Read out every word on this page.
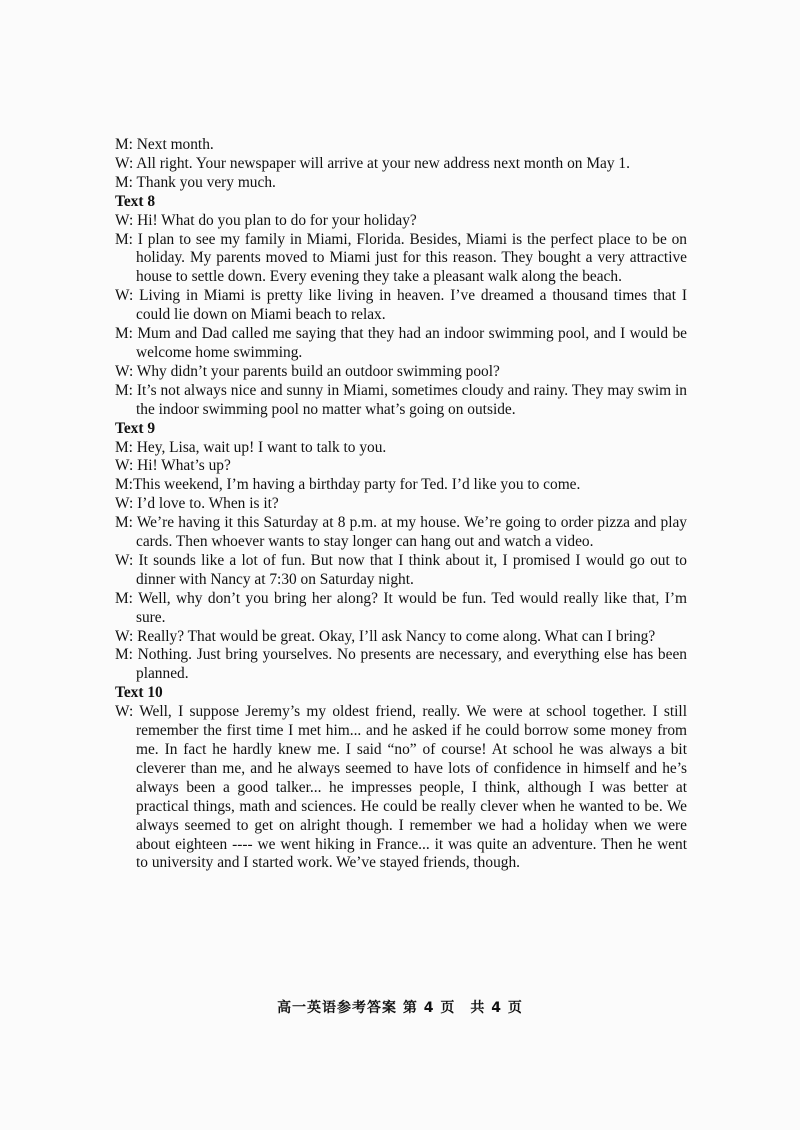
M: Next month.
W: All right. Your newspaper will arrive at your new address next month on May 1.
M: Thank you very much.
Text 8
W: Hi! What do you plan to do for your holiday?
M: I plan to see my family in Miami, Florida. Besides, Miami is the perfect place to be on holiday. My parents moved to Miami just for this reason. They bought a very attractive house to settle down. Every evening they take a pleasant walk along the beach.
W: Living in Miami is pretty like living in heaven. I’ve dreamed a thousand times that I could lie down on Miami beach to relax.
M: Mum and Dad called me saying that they had an indoor swimming pool, and I would be welcome home swimming.
W: Why didn’t your parents build an outdoor swimming pool?
M: It’s not always nice and sunny in Miami, sometimes cloudy and rainy. They may swim in the indoor swimming pool no matter what’s going on outside.
Text 9
M: Hey, Lisa, wait up! I want to talk to you.
W: Hi! What’s up?
M:This weekend, I’m having a birthday party for Ted. I’d like you to come.
W: I’d love to. When is it?
M: We’re having it this Saturday at 8 p.m. at my house. We’re going to order pizza and play cards. Then whoever wants to stay longer can hang out and watch a video.
W: It sounds like a lot of fun. But now that I think about it, I promised I would go out to dinner with Nancy at 7:30 on Saturday night.
M: Well, why don’t you bring her along? It would be fun. Ted would really like that, I’m sure.
W: Really? That would be great. Okay, I’ll ask Nancy to come along. What can I bring?
M: Nothing. Just bring yourselves. No presents are necessary, and everything else has been planned.
Text 10
W: Well, I suppose Jeremy’s my oldest friend, really. We were at school together. I still remember the first time I met him... and he asked if he could borrow some money from me. In fact he hardly knew me. I said “no” of course! At school he was always a bit cleverer than me, and he always seemed to have lots of confidence in himself and he’s always been a good talker... he impresses people, I think, although I was better at practical things, math and sciences. He could be really clever when he wanted to be. We always seemed to get on alright though. I remember we had a holiday when we were about eighteen ---- we went hiking in France... it was quite an adventure. Then he went to university and I started work. We’ve stayed friends, though.
高一英语参考答案 第 4 页　共 4 页
